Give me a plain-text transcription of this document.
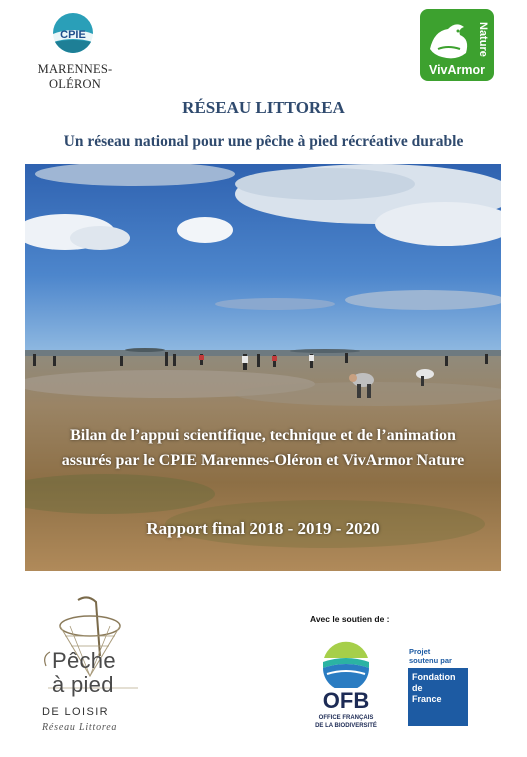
CPIE
MARENNES-OLÉRON
Nature
VivArmor
RÉSEAU LITTOREA
Un réseau national pour une pêche à pied récréative durable
Bilan de l’appui scientifique, technique et de l’animation
assurés par le CPIE Marennes-Oléron et VivArmor Nature
Rapport final 2018 - 2019 - 2020
Pêche
à pied
DE LOISIR
Réseau Littorea
Avec le soutien de :
OFB
OFFICE FRANÇAIS
DE LA BIODIVERSITÉ
Projet
soutenu par
Fondation
de
France
